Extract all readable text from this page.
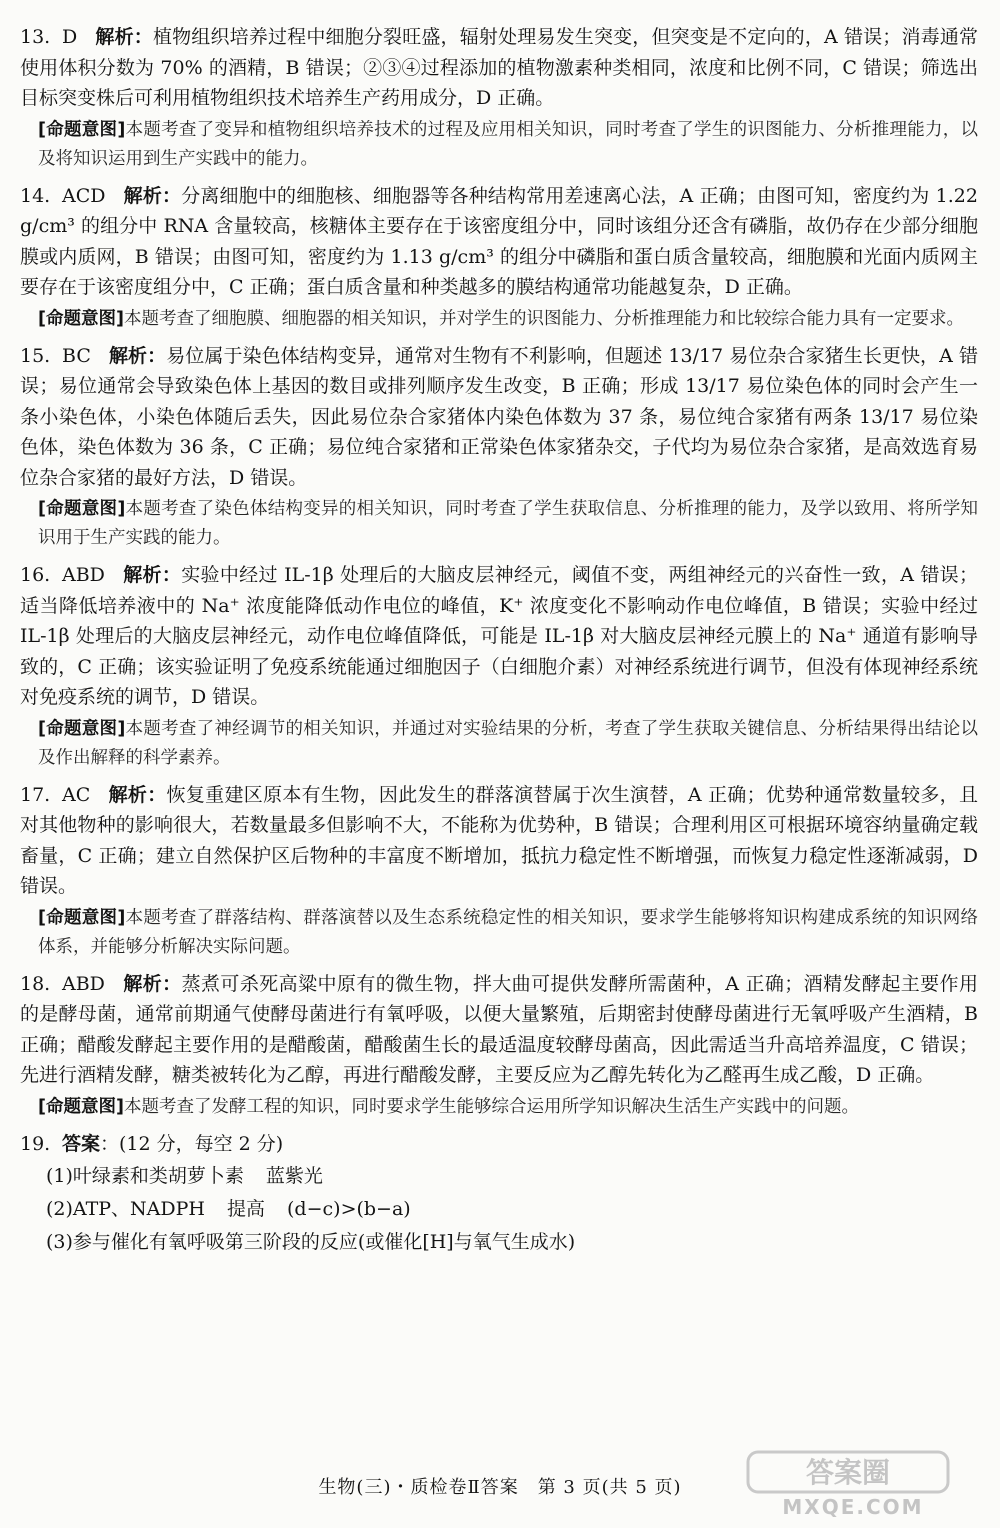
13. D 解析：植物组织培养过程中细胞分裂旺盛，辐射处理易发生突变，但突变是不定向的，A 错误；消毒通常使用体积分数为 70% 的酒精，B 错误；②③④过程添加的植物激素种类相同，浓度和比例不同，C 错误；筛选出目标突变株后可利用植物组织技术培养生产药用成分，D 正确。

[命题意图]本题考查了变异和植物组织培养技术的过程及应用相关知识，同时考查了学生的识图能力、分析推理能力，以及将知识运用到生产实践中的能力。

14. ACD 解析：分离细胞中的细胞核、细胞器等各种结构常用差速离心法，A 正确；由图可知，密度约为 1.22 g/cm³ 的组分中 RNA 含量较高，核糖体主要存在于该密度组分中，同时该组分还含有磷脂，故仍存在少部分细胞膜或内质网，B 错误；由图可知，密度约为 1.13 g/cm³ 的组分中磷脂和蛋白质含量较高，细胞膜和光面内质网主要存在于该密度组分中，C 正确；蛋白质含量和种类越多的膜结构通常功能越复杂，D 正确。

[命题意图]本题考查了细胞膜、细胞器的相关知识，并对学生的识图能力、分析推理能力和比较综合能力具有一定要求。

15. BC 解析：易位属于染色体结构变异，通常对生物有不利影响，但题述 13/17 易位杂合家猪生长更快，A 错误；易位通常会导致染色体上基因的数目或排列顺序发生改变，B 正确；形成 13/17 易位染色体的同时会产生一条小染色体，小染色体随后丢失，因此易位杂合家猪体内染色体数为 37 条，易位纯合家猪有两条 13/17 易位染色体，染色体数为 36 条，C 正确；易位纯合家猪和正常染色体家猪杂交，子代均为易位杂合家猪，是高效选育易位杂合家猪的最好方法，D 错误。

[命题意图]本题考查了染色体结构变异的相关知识，同时考查了学生获取信息、分析推理的能力，及学以致用、将所学知识用于生产实践的能力。

16. ABD 解析：实验中经过 IL-1β 处理后的大脑皮层神经元，阈值不变，两组神经元的兴奋性一致，A 错误；适当降低培养液中的 Na⁺ 浓度能降低动作电位的峰值，K⁺ 浓度变化不影响动作电位峰值，B 错误；实验中经过 IL-1β 处理后的大脑皮层神经元，动作电位峰值降低，可能是 IL-1β 对大脑皮层神经元膜上的 Na⁺ 通道有影响导致的，C 正确；该实验证明了免疫系统能通过细胞因子（白细胞介素）对神经系统进行调节，但没有体现神经系统对免疫系统的调节，D 错误。

[命题意图]本题考查了神经调节的相关知识，并通过对实验结果的分析，考查了学生获取关键信息、分析结果得出结论以及作出解释的科学素养。

17. AC 解析：恢复重建区原本有生物，因此发生的群落演替属于次生演替，A 正确；优势种通常数量较多，且对其他物种的影响很大，若数量最多但影响不大，不能称为优势种，B 错误；合理利用区可根据环境容纳量确定载畜量，C 正确；建立自然保护区后物种的丰富度不断增加，抵抗力稳定性不断增强，而恢复力稳定性逐渐减弱，D 错误。

[命题意图]本题考查了群落结构、群落演替以及生态系统稳定性的相关知识，要求学生能够将知识构建成系统的知识网络体系，并能够分析解决实际问题。

18. ABD 解析：蒸煮可杀死高粱中原有的微生物，拌大曲可提供发酵所需菌种，A 正确；酒精发酵起主要作用的是酵母菌，通常前期通气使酵母菌进行有氧呼吸，以便大量繁殖，后期密封使酵母菌进行无氧呼吸产生酒精，B 正确；醋酸发酵起主要作用的是醋酸菌，醋酸菌生长的最适温度较酵母菌高，因此需适当升高培养温度，C 错误；先进行酒精发酵，糖类被转化为乙醇，再进行醋酸发酵，主要反应为乙醇先转化为乙醛再生成乙酸，D 正确。

[命题意图]本题考查了发酵工程的知识，同时要求学生能够综合运用所学知识解决生活生产实践中的问题。
19. 答案：(12 分，每空 2 分)
(1)叶绿素和类胡萝卜素 蓝紫光
(2)ATP、NADPH 提高 (d−c)>(b−a)
(3)参与催化有氧呼吸第三阶段的反应(或催化[H]与氧气生成水)
生物(三)・质检卷Ⅱ答案　第 3 页(共 5 页)	答案圈
MXQE.COM
